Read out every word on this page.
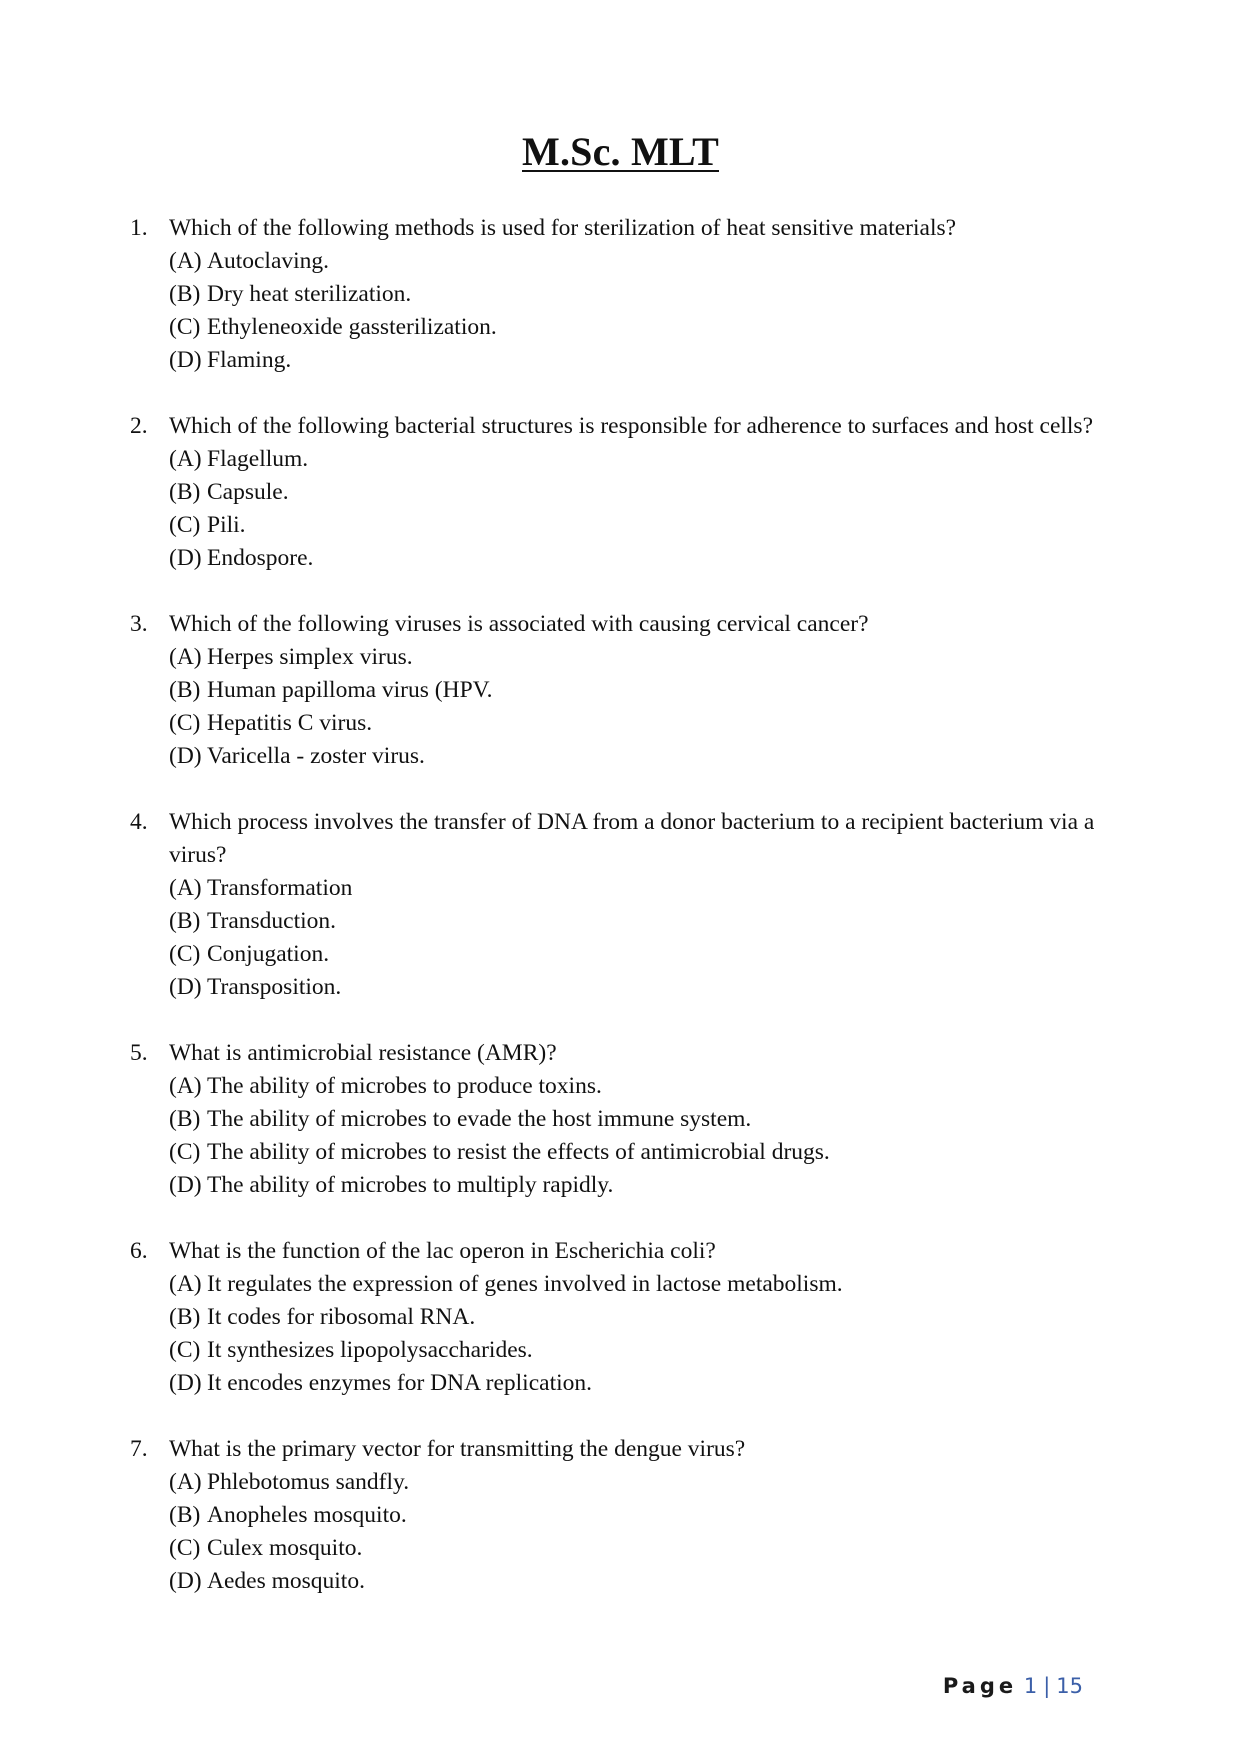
M.Sc. MLT
1. Which of the following methods is used for sterilization of heat sensitive materials?
(A) Autoclaving.
(B) Dry heat sterilization.
(C) Ethyleneoxide gassterilization.
(D) Flaming.
2. Which of the following bacterial structures is responsible for adherence to surfaces and host cells?
(A) Flagellum.
(B) Capsule.
(C) Pili.
(D) Endospore.
3. Which of the following viruses is associated with causing cervical cancer?
(A) Herpes simplex virus.
(B) Human papilloma virus (HPV.
(C) Hepatitis C virus.
(D) Varicella - zoster virus.
4. Which process involves the transfer of DNA from a donor bacterium to a recipient bacterium via a virus?
(A) Transformation
(B) Transduction.
(C) Conjugation.
(D) Transposition.
5. What is antimicrobial resistance (AMR)?
(A) The ability of microbes to produce toxins.
(B) The ability of microbes to evade the host immune system.
(C) The ability of microbes to resist the effects of antimicrobial drugs.
(D) The ability of microbes to multiply rapidly.
6. What is the function of the lac operon in Escherichia coli?
(A) It regulates the expression of genes involved in lactose metabolism.
(B) It codes for ribosomal RNA.
(C) It synthesizes lipopolysaccharides.
(D) It encodes enzymes for DNA replication.
7. What is the primary vector for transmitting the dengue virus?
(A) Phlebotomus sandfly.
(B) Anopheles mosquito.
(C) Culex mosquito.
(D) Aedes mosquito.
Page 1 | 15
